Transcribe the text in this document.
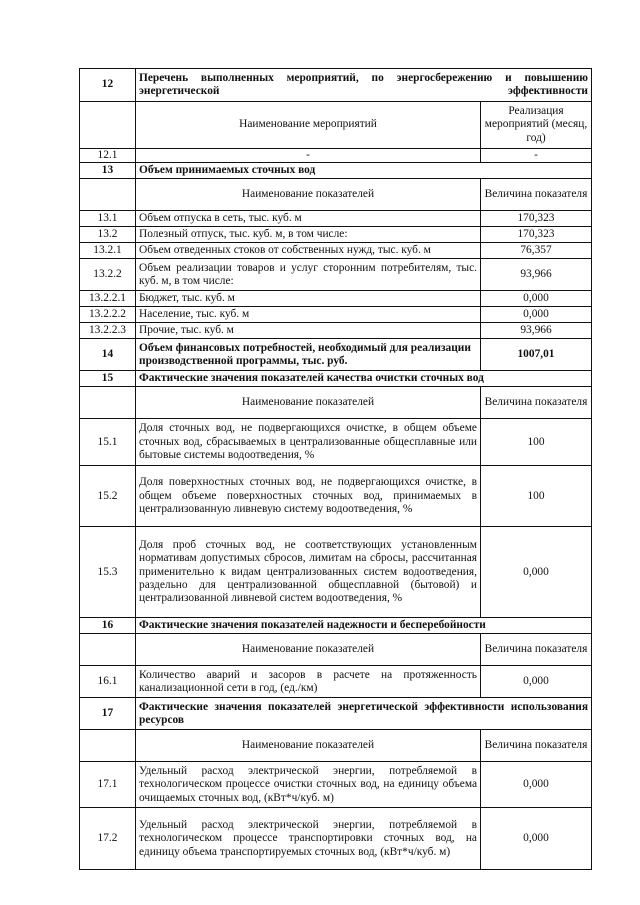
12	Перечень выполненных мероприятий, по энергосбережению и повышению энергетической эффективности	
	Наименование мероприятий	Реализация мероприятий (месяц, год)
12.1	-	-
13	Объем принимаемых сточных вод	
	Наименование показателей	Величина показателя
13.1	Объем отпуска в сеть, тыс. куб. м	170,323
13.2	Полезный отпуск, тыс. куб. м, в том числе:	170,323
13.2.1	Объем отведенных стоков от собственных нужд, тыс. куб. м	76,357
13.2.2	Объем реализации товаров и услуг сторонним потребителям, тыс. куб. м, в том числе:	93,966
13.2.2.1	Бюджет, тыс. куб. м	0,000
13.2.2.2	Население, тыс. куб. м	0,000
13.2.2.3	Прочие, тыс. куб. м	93,966
14	Объем финансовых потребностей, необходимый для реализации производственной программы, тыс. руб.	1007,01
15	Фактические значения показателей качества очистки сточных вод	
	Наименование показателей	Величина показателя
15.1	Доля сточных вод, не подвергающихся очистке, в общем объеме сточных вод, сбрасываемых в централизованные общесплавные или бытовые системы водоотведения, %	100
15.2	Доля поверхностных сточных вод, не подвергающихся очистке, в общем объеме поверхностных сточных вод, принимаемых в централизованную ливневую систему водоотведения, %	100
15.3	Доля проб сточных вод, не соответствующих установленным нормативам допустимых сбросов, лимитам на сбросы, рассчитанная применительно к видам централизованных систем водоотведения, раздельно для централизованной общесплавной (бытовой) и централизованной ливневой систем водоотведения, %	0,000
16	Фактические значения показателей надежности и бесперебойности	
	Наименование показателей	Величина показателя
16.1	Количество аварий и засоров в расчете на протяженность канализационной сети в год, (ед./км)	0,000
17	Фактические значения показателей энергетической эффективности использования ресурсов	
	Наименование показателей	Величина показателя
17.1	Удельный расход электрической энергии, потребляемой в технологическом процессе очистки сточных вод, на единицу объема очищаемых сточных вод, (кВт*ч/куб. м)	0,000
17.2	Удельный расход электрической энергии, потребляемой в технологическом процессе транспортировки сточных вод, на единицу объема транспортируемых сточных вод, (кВт*ч/куб. м)	0,000
